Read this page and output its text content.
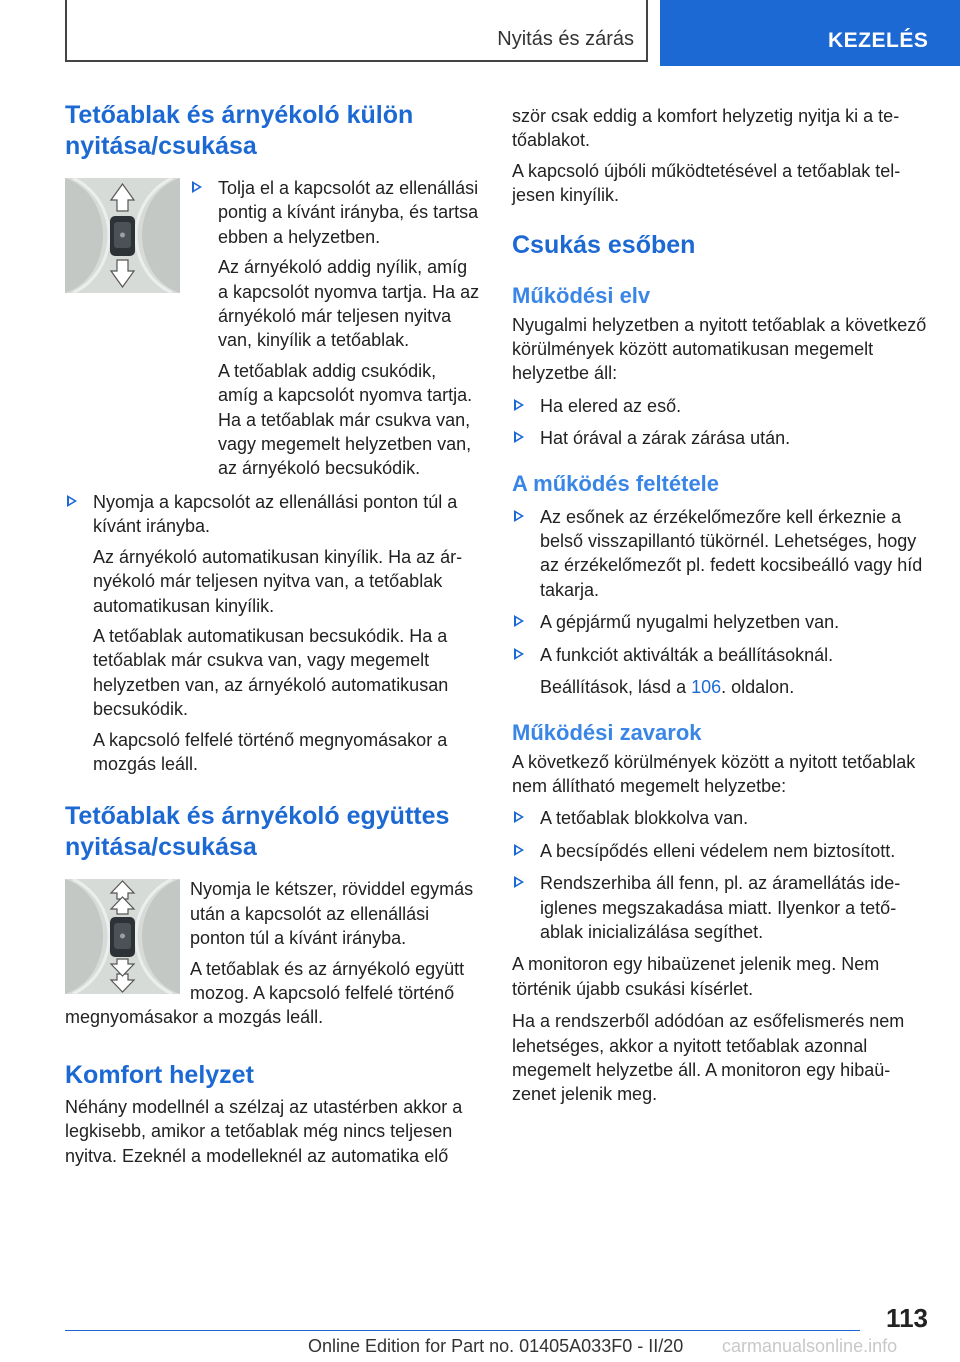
Nyitás és zárás	KEZELÉS
Tetőablak és árnyékoló külön nyitása/csukása

Tolja el a kapcsolót az ellenállási pontig a kívánt irányba, és tartsa ebben a helyzetben.

Az árnyékoló addig nyílik, amíg a kapcsolót nyomva tartja. Ha az árnyékoló már teljesen nyitva van, kinyílik a tetőablak.

A tetőablak addig csukódik, amíg a kapcsolót nyomva tartja. Ha a tetőablak már csukva van, vagy megemelt helyzetben van, az árnyékoló becsukódik.

Nyomja a kapcsolót az ellenállási ponton túl a kívánt irányba.

Az árnyékoló automatikusan kinyílik. Ha az árnyékoló már teljesen nyitva van, a tetőablak automatikusan kinyílik.

A tetőablak automatikusan becsukódik. Ha a tetőablak már csukva van, vagy megemelt helyzetben van, az árnyékoló automatikusan becsukódik.

A kapcsoló felfelé történő megnyomásakor a mozgás leáll.

Tetőablak és árnyékoló együttes nyitása/csukása

Nyomja le kétszer, röviddel egymás után a kapcsolót az ellenállási ponton túl a kívánt irányba.

A tetőablak és az árnyékoló együtt mozog. A kapcsoló felfelé történő megnyomásakor a mozgás leáll.

Komfort helyzet

Néhány modellnél a szélzaj az utastérben akkor a legkisebb, amikor a tetőablak még nincs teljesen nyitva. Ezeknél a modelleknél az automatika elő

ször csak eddig a komfort helyzetig nyitja ki a tetőablakot.

A kapcsoló újbóli működtetésével a tetőablak teljesen kinyílik.

Csukás esőben
Működési elv

Nyugalmi helyzetben a nyitott tetőablak a következő körülmények között automatikusan megemelt helyzetbe áll:

Ha elered az eső.

Hat órával a zárak zárása után.

A működés feltétele

Az esőnek az érzékelőmezőre kell érkeznie a belső visszapillantó tükörnél. Lehetséges, hogy az érzékelőmezőt pl. fedett kocsibeálló vagy híd takarja.

A gépjármű nyugalmi helyzetben van.

A funkciót aktiválták a beállításoknál.

Beállítások, lásd a 106. oldalon.

Működési zavarok

A következő körülmények között a nyitott tetőablak nem állítható megemelt helyzetbe:

A tetőablak blokkolva van.

A becsípődés elleni védelem nem biztosított.

Rendszerhiba áll fenn, pl. az áramellátás ideiglenes megszakadása miatt. Ilyenkor a tetőablak inicializálása segíthet.

A monitoron egy hibaüzenet jelenik meg. Nem történik újabb csukási kísérlet.

Ha a rendszerből adódóan az esőfelismerés nem lehetséges, akkor a nyitott tetőablak azonnal megemelt helyzetbe áll. A monitoron egy hibaüzenet jelenik meg.

113
Online Edition for Part no. 01405A033F0 - II/20 carmanualsonline.info
